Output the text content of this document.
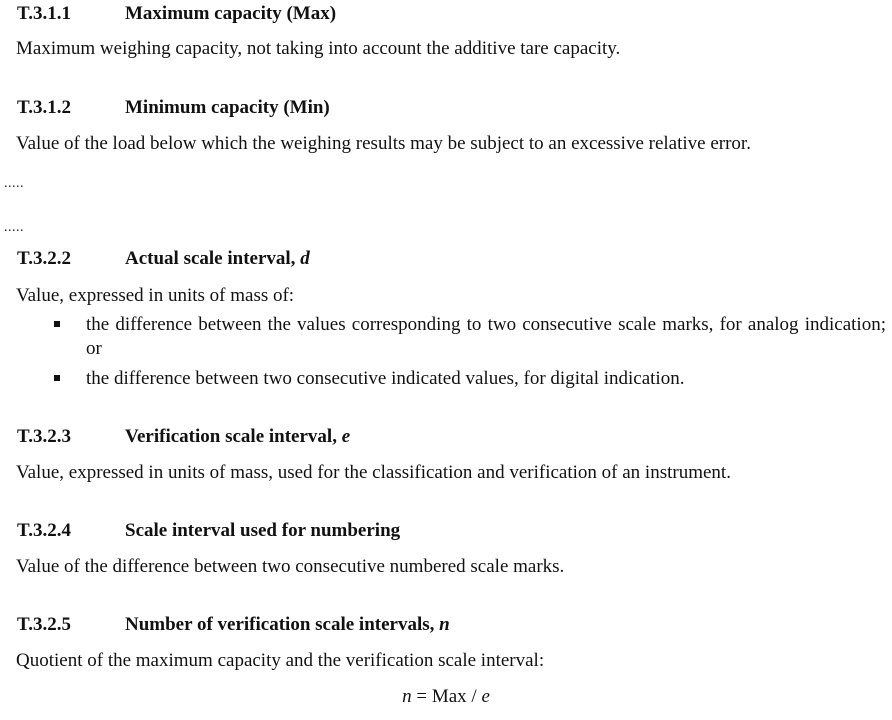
T.3.1.1	Maximum capacity (Max)
Maximum weighing capacity, not taking into account the additive tare capacity.
T.3.1.2	Minimum capacity (Min)
Value of the load below which the weighing results may be subject to an excessive relative error.
.....
.....
T.3.2.2	Actual scale interval, d
Value, expressed in units of mass of:
the difference between the values corresponding to two consecutive scale marks, for analog indication; or
the difference between two consecutive indicated values, for digital indication.
T.3.2.3	Verification scale interval, e
Value, expressed in units of mass, used for the classification and verification of an instrument.
T.3.2.4	Scale interval used for numbering
Value of the difference between two consecutive numbered scale marks.
T.3.2.5	Number of verification scale intervals, n
Quotient of the maximum capacity and the verification scale interval:
n = Max / e
